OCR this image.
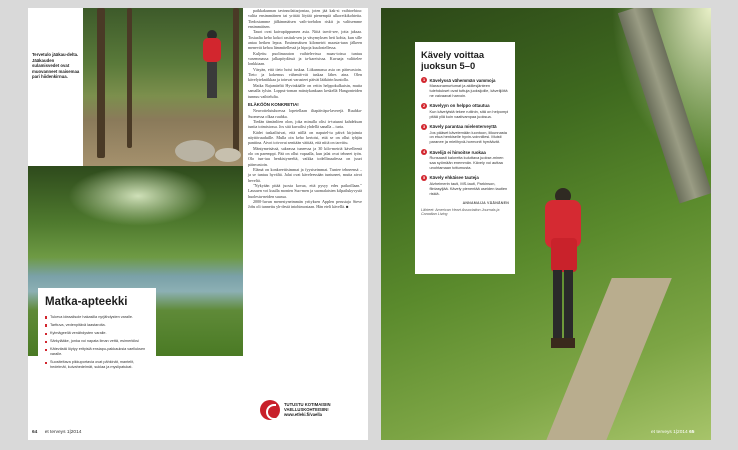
Tervetulo jääkau-delta. Jääkauden sulamisvedet ovat muovanneet maisemaa pari hiidenkirnua.
Matka-apteekki
Tukeva ideaalisole hakasilla nyrjähdysten varalle.
Tarttuva, vedenpitävä laastaroita.
Kylmägeeliä venähdysten varalle.
Särkylääke, jonka voi napata ilman vettä, esimerkiksi
Kätevästä löytyy erityisiä ensiapu-pakkauksia vaelluksen varalle.
Suositeltava pikkuportavia ovat pähkinät, mantelit, hedelmät, kuivahedelmät, suklaa ja myslipatukat.

paikkakunnan tavinnolaitarjontaa, joten jää kak-si vaihtoehtoa: valita ensimmäinen tai yrittää löytää pienempiä ulkoretkikohteita. Tiedostamme jälkimmäisen vaih-toehdon riskit ja valitsemme ensimmäisen.

Tauot ovat kaivapiippumen asia. Niitä tarvit-see, jotta jaksaa. Tosiaalta keho kokoi rasituk-sen ja väsymyksen heti kohta, kun sille antaa hetken lepoa. Ensimmäisen kilometrit maasta-taan jälkeen menevät kehoa lämmitellessä ja hipoja kuulostellessa.

Kuljettu puolimaraton vaihtelevissa maas-toissa tuntuu vasemmassa jalkapöydässä ja ta-kareisissa. Kuvaaja valittelee lonkkiaan.

Väsyän, että tieto hoisi tuskaa. Liikunnassa asia on päinvastoin. Tieto ja kokemus vähentä-vät tuskaa lähes aina. Olen kävelytekniikkaa ja toinvat varusteet päivät lääkärin kuntolla.

Matka Rajamäeltä Hyvinkäälle on reitin helppokulkuisin, mutta samalla tylsin. Lopput-toman mäntykankaan keskellä Hangonteiden tunnuu vaihtelulta.

ELÄKÖÖN KONKRETIA!

Neuvottelutuhoessa lopetellaan iltapäiväpa-laverejä. Ruuhka-Suomessa olkaa ruuhka.

Tiedän tämänlöen olon, joka minulla olisi ir-tutuani kahdeksan tuntia toimistossa. Jos sitä kuvailisi yhdellä sanalla – turta.

Kädet tuskailisivat, että niillä on naputel-tu päivä kirjaimia näyttöruuduille. Mulla oin keho kertoisi, että se on ollut tyhjän panttina. Aivot toivovat senttään väittää, että niitä on tarvittu.

Mäntymetsässä, sakeassa tuneessa ja 30 kilo-metriä kävelleenä olo on paremppi. Pää on ollut vapaalla, kun jalat ovat tehneet työn. Olo tun-tuu henkistyneeltä, vaikka todellisuudessa on juuri päinvastoin.

Elämä on konkreettisimmat ja fyysiseimmat. Tuntee tehneensä – ja se tuntuu hyvältä. Jalat ovat käveleessään tuntuneet, mutta aivot heveltä.

"Nykyään pitää juosta kovaa, että pysyy edes paikoillaan." Lausuen voi kuulla monien Suo-men ja suomalaisten kilpailukyvystä huolestu-neiden suussa.

2000-luvun menestyneimmän yrityksen Applen perustaja Steve Jobs oli tunnettu yh-destä intohimostaan. Hän eteli kävellä. ■

TUTUSTU KOTIMAISIIN
VAELLUSKOHTEISIIN!
www.etleki.fi/vaella
64 et terveys 1|2014
Kävely voittaa juoksun 5–0
1	Kävelyssä vähemmän vammoja
Maraonamurtumat ja akillesjänteen tulehdukset ovat tuttuja juoksijoille, kävelijöitä ne vaivaavat harvoin.
2	Kävelyyn on helppo ottautua
Kun kävelyistä tekee rutiinin, sitä on helpompi pitää yllä kuin vaativampaa juoksua.
3	Kävely parantaa mielenterveyttä
Jos pääset kävelemään luontoon, liikunnasta on etua henkiselle hyvin-voinnillesi. Muisti paranee ja mielihyvä-hormonit hyrräävät.
4	Kävelijä ei himoitse ruokaa
Runsaasti kaloreita kuluttava juokse-minen saa syömään enemmän. Kävely voi auttaa unohtamaan tottumusta.
5	Kävely ehkäisee tauteja
Alzheimerin tauti, MS-tauti, Parkinson, flintasyljää. Kävely pienentää useiden tautien riskiä.
ANNAMAIJA VÄÄNÄNEN
Lähteet: American Heart Association Journals ja Canadian Living
et terveys 1|2014 65
